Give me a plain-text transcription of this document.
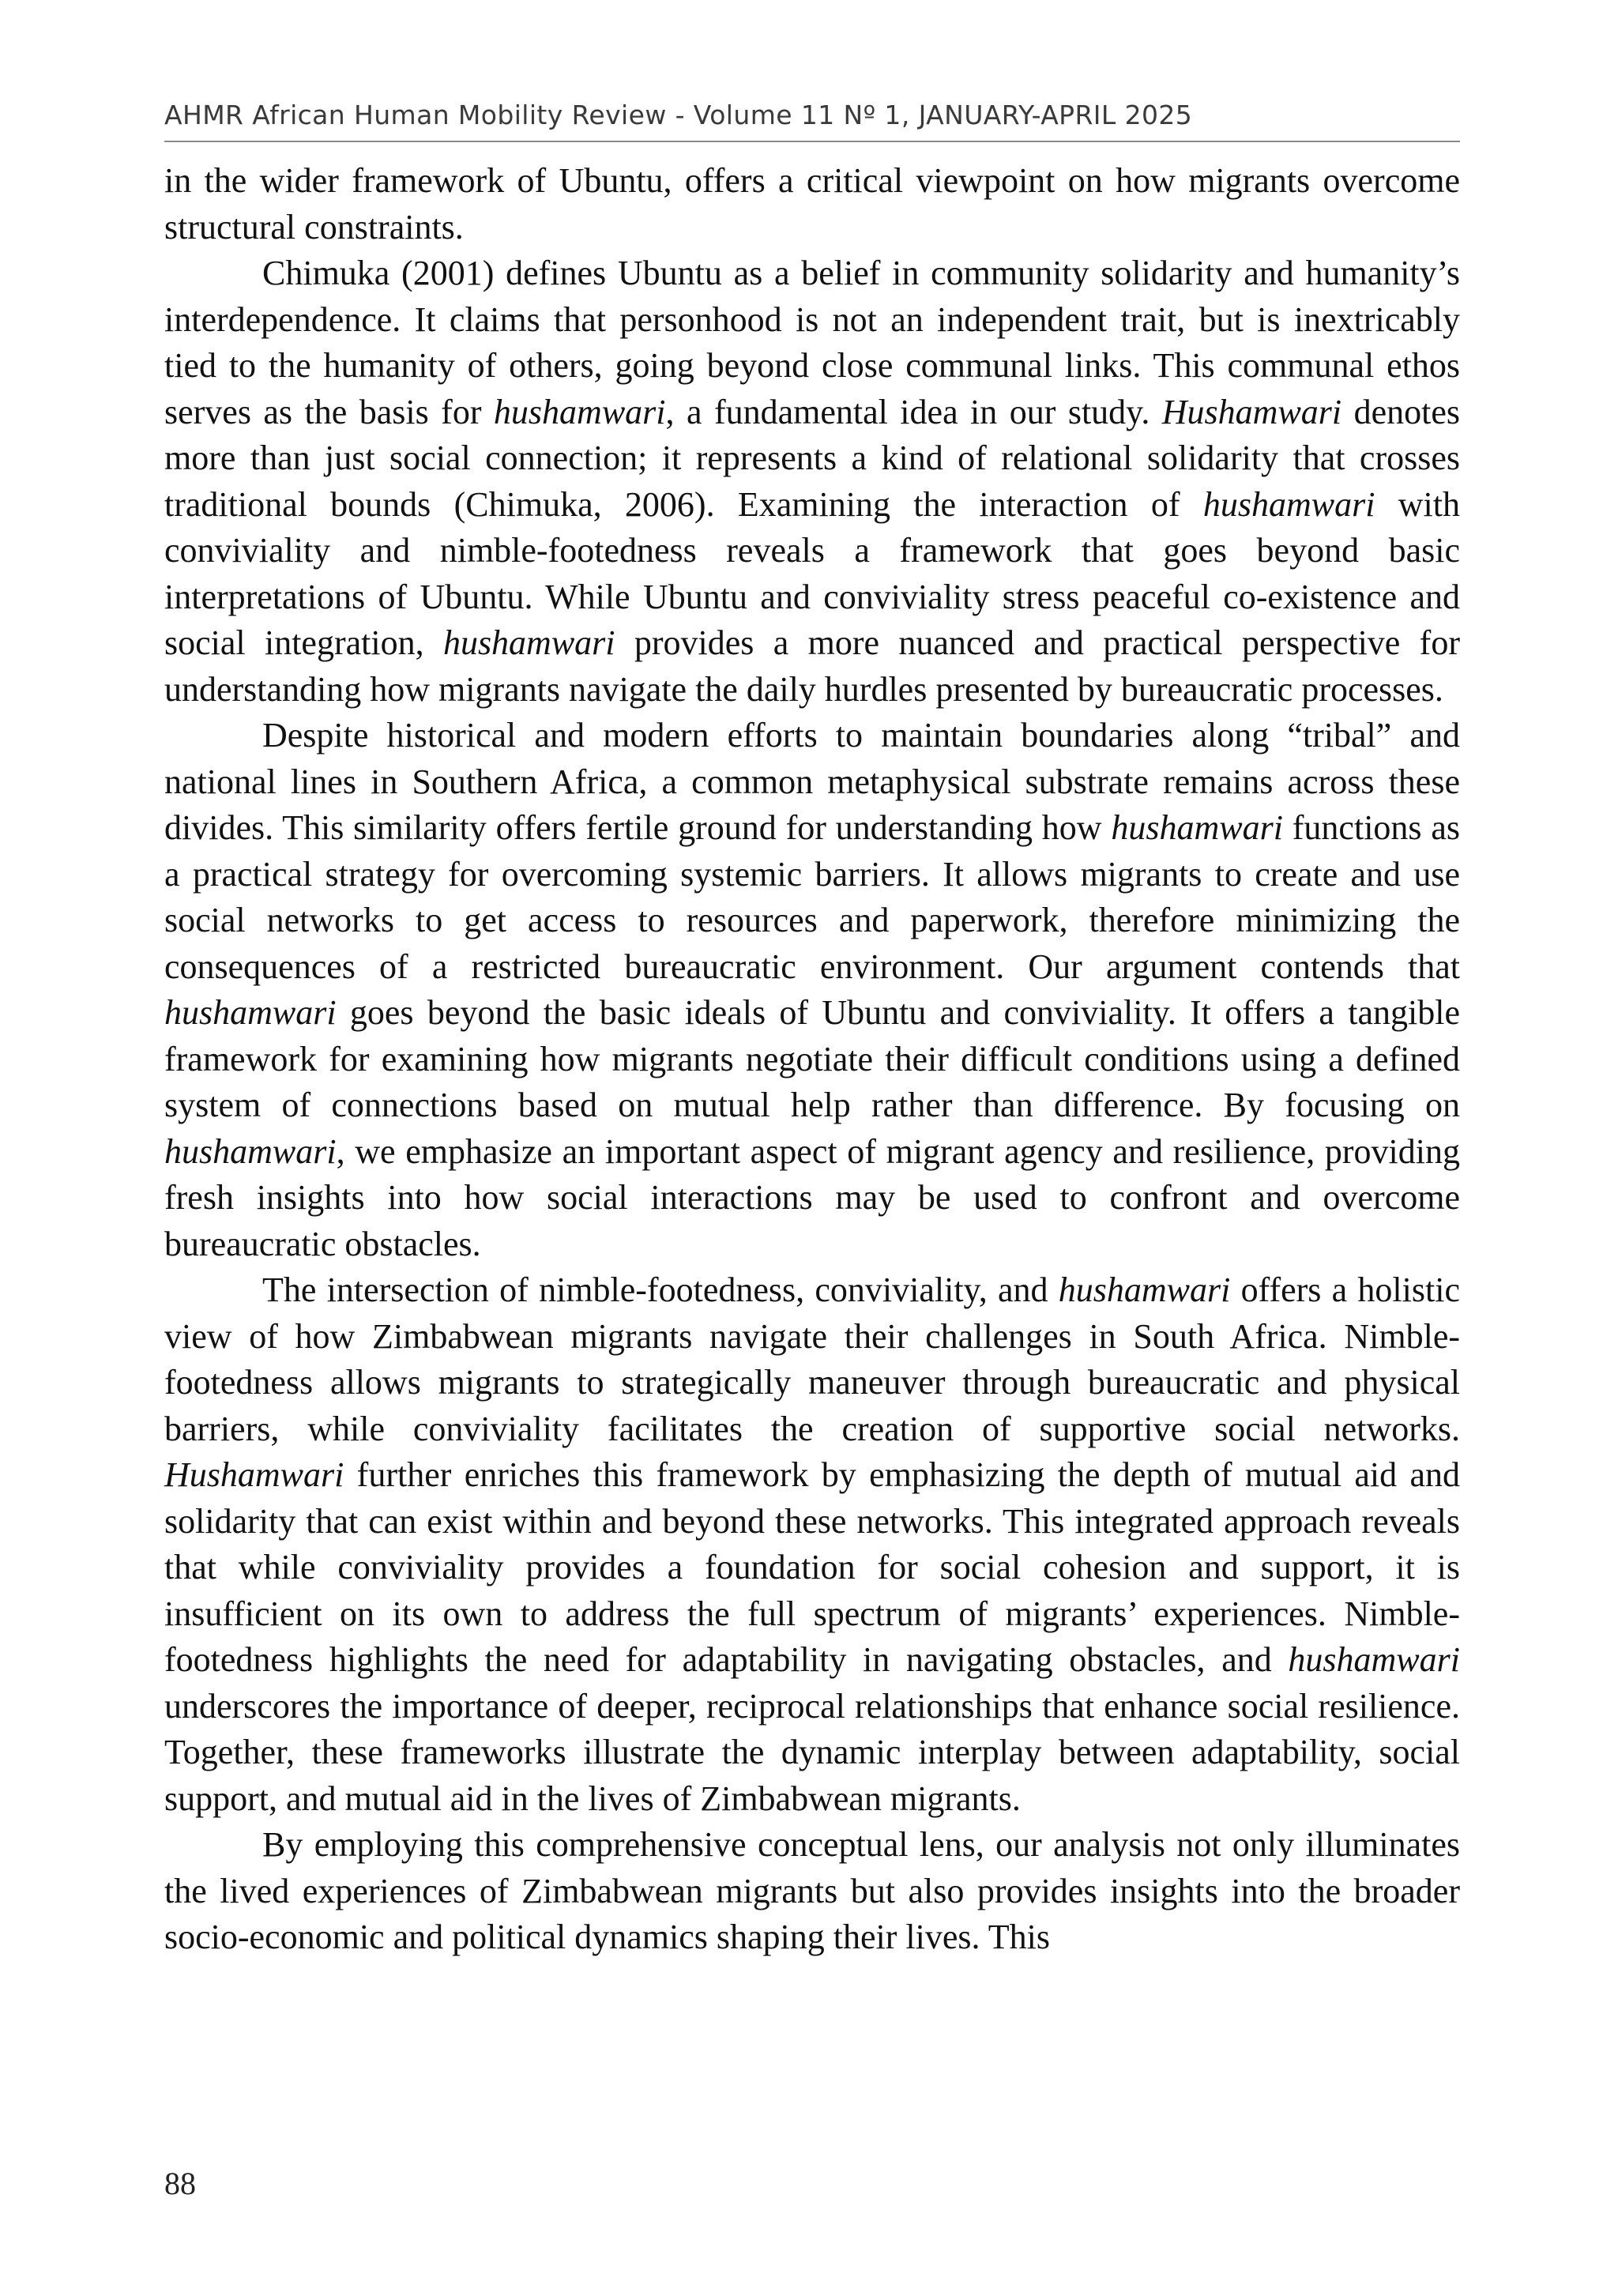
AHMR African Human Mobility Review - Volume 11 Nº 1, JANUARY-APRIL 2025

in the wider framework of Ubuntu, offers a critical viewpoint on how migrants overcome structural constraints.

Chimuka (2001) defines Ubuntu as a belief in community solidarity and humanity’s interdependence. It claims that personhood is not an independent trait, but is inextricably tied to the humanity of others, going beyond close communal links. This communal ethos serves as the basis for hushamwari, a fundamental idea in our study. Hushamwari denotes more than just social connection; it represents a kind of relational solidarity that crosses traditional bounds (Chimuka, 2006). Examining the interaction of hushamwari with conviviality and nimble-footedness reveals a framework that goes beyond basic interpretations of Ubuntu. While Ubuntu and conviviality stress peaceful co-existence and social integration, hushamwari provides a more nuanced and practical perspective for understanding how migrants navigate the daily hurdles presented by bureaucratic processes.

Despite historical and modern efforts to maintain boundaries along “tribal” and national lines in Southern Africa, a common metaphysical substrate remains across these divides. This similarity offers fertile ground for understanding how hushamwari functions as a practical strategy for overcoming systemic barriers. It allows migrants to create and use social networks to get access to resources and paperwork, therefore minimizing the consequences of a restricted bureaucratic environment. Our argument contends that hushamwari goes beyond the basic ideals of Ubuntu and conviviality. It offers a tangible framework for examining how migrants negotiate their difficult conditions using a defined system of connections based on mutual help rather than difference. By focusing on hushamwari, we emphasize an important aspect of migrant agency and resilience, providing fresh insights into how social interactions may be used to confront and overcome bureaucratic obstacles.

The intersection of nimble-footedness, conviviality, and hushamwari offers a holistic view of how Zimbabwean migrants navigate their challenges in South Africa. Nimble-footedness allows migrants to strategically maneuver through bureaucratic and physical barriers, while conviviality facilitates the creation of supportive social networks. Hushamwari further enriches this framework by emphasizing the depth of mutual aid and solidarity that can exist within and beyond these networks. This integrated approach reveals that while conviviality provides a foundation for social cohesion and support, it is insufficient on its own to address the full spectrum of migrants’ experiences. Nimble-footedness highlights the need for adaptability in navigating obstacles, and hushamwari underscores the importance of deeper, reciprocal relationships that enhance social resilience. Together, these frameworks illustrate the dynamic interplay between adaptability, social support, and mutual aid in the lives of Zimbabwean migrants.

By employing this comprehensive conceptual lens, our analysis not only illuminates the lived experiences of Zimbabwean migrants but also provides insights into the broader socio-economic and political dynamics shaping their lives. This

88
